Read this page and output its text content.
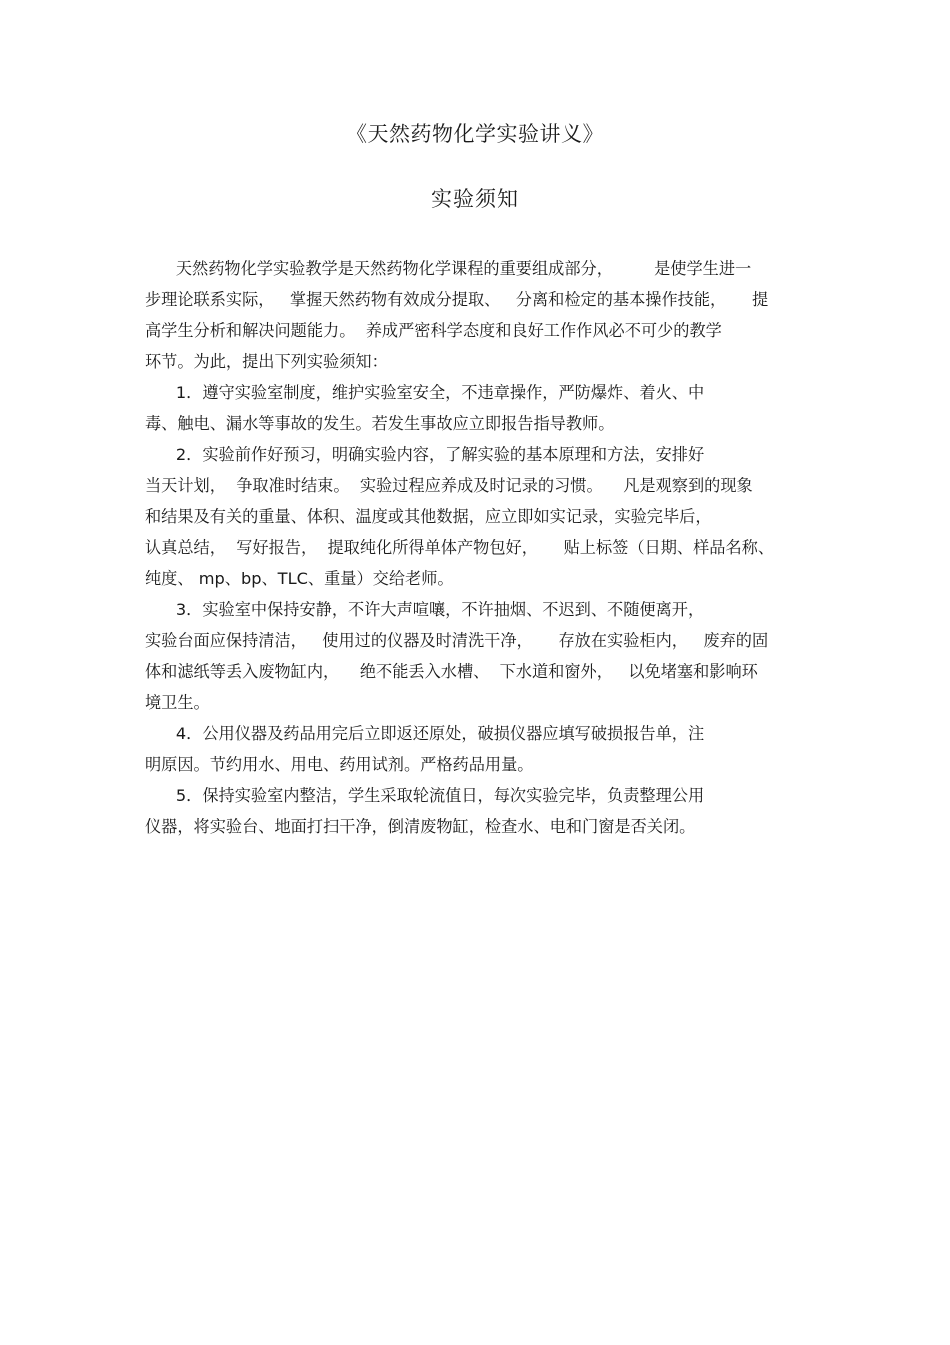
《天然药物化学实验讲义》
实验须知
天然药物化学实验教学是天然药物化学课程的重要组成部分，        是使学生进一
步理论联系实际，   掌握天然药物有效成分提取、   分离和检定的基本操作技能，     提
高学生分析和解决问题能力。  养成严密科学态度和良好工作作风必不可少的教学
环节。为此，提出下列实验须知：
1．遵守实验室制度，维护实验室安全，不违章操作，严防爆炸、着火、中
毒、触电、漏水等事故的发生。若发生事故应立即报告指导教师。
2．实验前作好预习，明确实验内容，了解实验的基本原理和方法，安排好
当天计划，  争取准时结束。  实验过程应养成及时记录的习惯。    凡是观察到的现象
和结果及有关的重量、体积、温度或其他数据，应立即如实记录，实验完毕后，
认真总结，  写好报告，  提取纯化所得单体产物包好，     贴上标签（日期、样品名称、
纯度、 mp、bp、TLC、重量）交给老师。
3．实验室中保持安静，不许大声喧嚷，不许抽烟、不迟到、不随便离开，
实验台面应保持清洁，   使用过的仪器及时清洗干净，     存放在实验柜内，   废弃的固
体和滤纸等丢入废物缸内，    绝不能丢入水槽、  下水道和窗外，   以免堵塞和影响环
境卫生。
4．公用仪器及药品用完后立即返还原处，破损仪器应填写破损报告单，注
明原因。节约用水、用电、药用试剂。严格药品用量。
5．保持实验室内整洁，学生采取轮流值日，每次实验完毕，负责整理公用
仪器，将实验台、地面打扫干净，倒清废物缸，检查水、电和门窗是否关闭。
